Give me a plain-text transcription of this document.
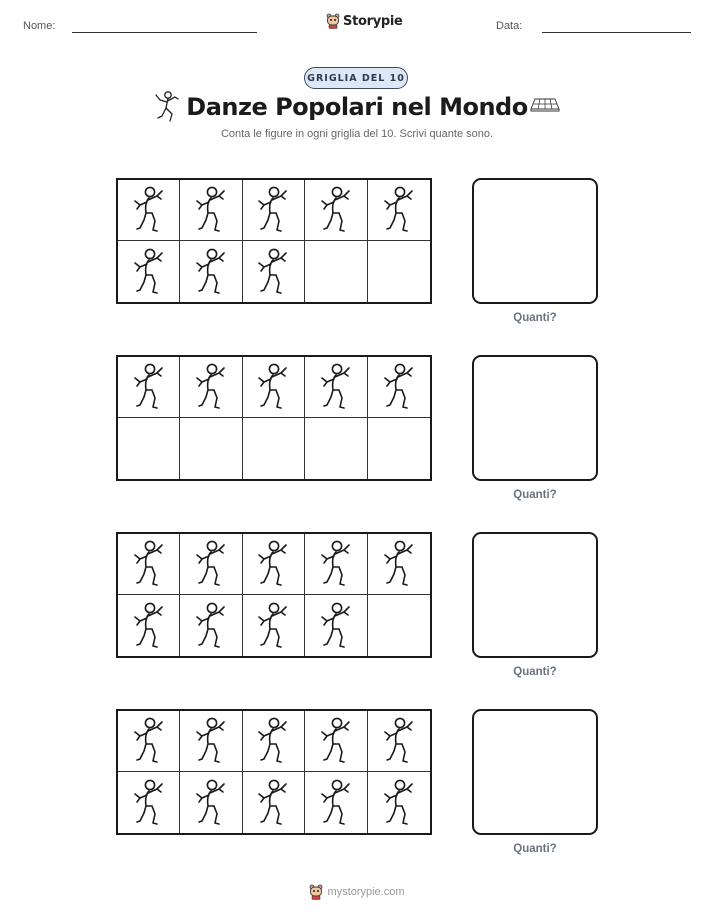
Nome:	Storypie	Data:
GRIGLIA DEL 10
Danze Popolari nel Mondo
Conta le figure in ogni griglia del 10. Scrivi quante sono.
Quanti?
Quanti?
Quanti?
Quanti?
mystorypie.com
